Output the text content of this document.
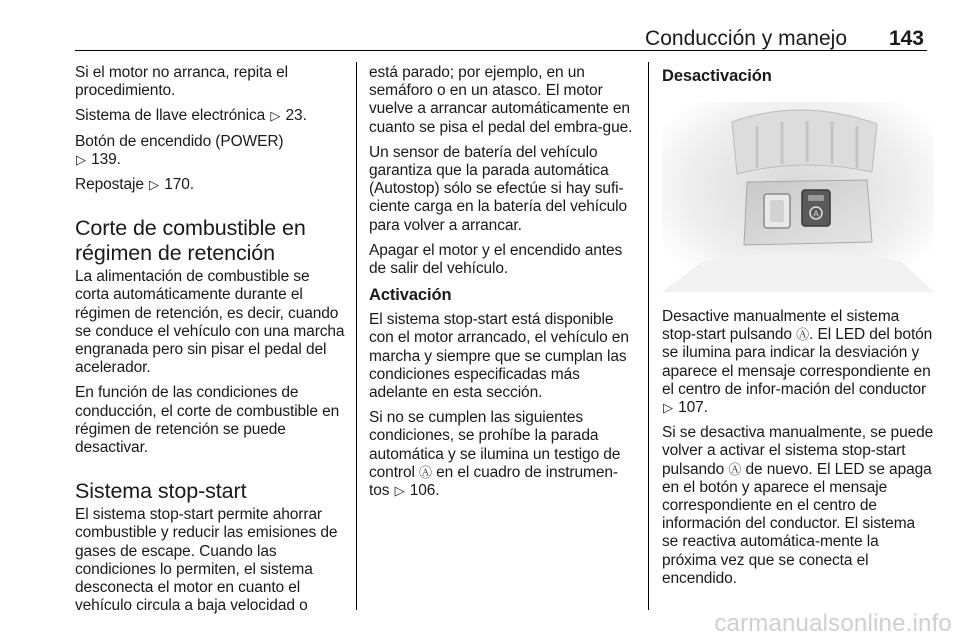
Conducción y manejo 143

Si el motor no arranca, repita el procedimiento.

Sistema de llave electrónica ▷ 23.

Botón de encendido (POWER)
▷ 139.

Repostaje ▷ 170.

Corte de combustible en
régimen de retención

La alimentación de combustible se corta automáticamente durante el régimen de retención, es decir, cuando se conduce el vehículo con una marcha engranada pero sin pisar el pedal del acelerador.

En función de las condiciones de conducción, el corte de combustible en régimen de retención se puede desactivar.

Sistema stop-start

El sistema stop-start permite ahorrar combustible y reducir las emisiones de gases de escape. Cuando las condiciones lo permiten, el sistema desconecta el motor en cuanto el vehículo circula a baja velocidad o

está parado; por ejemplo, en un semáforo o en un atasco. El motor vuelve a arrancar automáticamente en cuanto se pisa el pedal del embra-gue.

Un sensor de batería del vehículo garantiza que la parada automática (Autostop) sólo se efectúe si hay sufi-ciente carga en la batería del vehículo para volver a arrancar.

Apagar el motor y el encendido antes de salir del vehículo.

Activación

El sistema stop-start está disponible con el motor arrancado, el vehículo en marcha y siempre que se cumplan las condiciones especificadas más adelante en esta sección.

Si no se cumplen las siguientes condiciones, se prohíbe la parada automática y se ilumina un testigo de control Ⓐ en el cuadro de instrumen-tos ▷ 106.

Desactivación
A

Desactive manualmente el sistema stop-start pulsando Ⓐ. El LED del botón se ilumina para indicar la desviación y aparece el mensaje correspondiente en el centro de infor-mación del conductor ▷ 107.

Si se desactiva manualmente, se puede volver a activar el sistema stop-start pulsando Ⓐ de nuevo. El LED se apaga en el botón y aparece el mensaje correspondiente en el centro de información del conductor. El sistema se reactiva automática-mente la próxima vez que se conecta el encendido.

carmanualsonline.info
